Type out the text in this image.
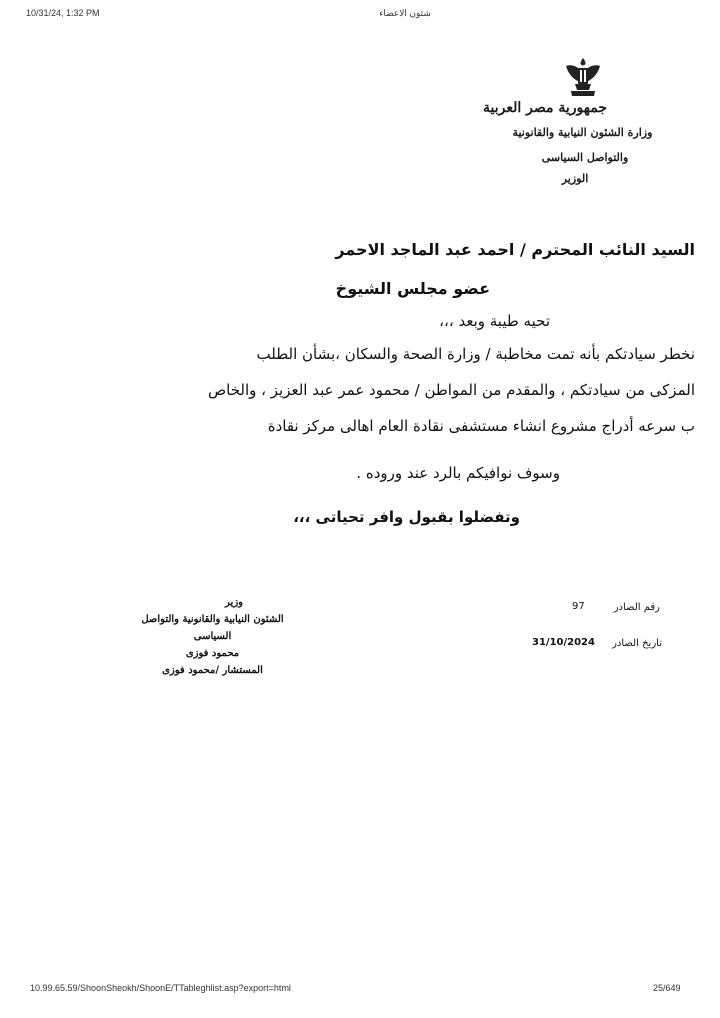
10/31/24, 1:32 PM	شئون الاعضاء
جمهورية مصر العربية
وزارة الشئون النيابية والقانونية
والتواصل السياسى
الوزير
السيد النائب المحترم / احمد عبد الماجد الاحمر
عضو مجلس الشيوخ
تحيه طيبة وبعد ،،،
نخطر سيادتكم بأنه تمت مخاطبة / وزارة الصحة والسكان ،بشأن الطلب
المزكى من سيادتكم ، والمقدم من المواطن / محمود عمر عبد العزيز ، والخاص
ب سرعه أدراج مشروع انشاء مستشفى نقادة العام اهالى مركز نقادة
وسوف نوافيكم بالرد عند وروده .
وتفضلوا بقبول وافر تحياتى ،،،
رقم الصادر
97
تاريخ الصادر
31/10/2024
وزير
الشئون النيابية والقانونية والتواصل السياسى
محمود فوزى
المستشار /محمود فوزى
10.99.65.59/ShoonSheokh/ShoonE/TTableghlist.asp?export=html	25/649
